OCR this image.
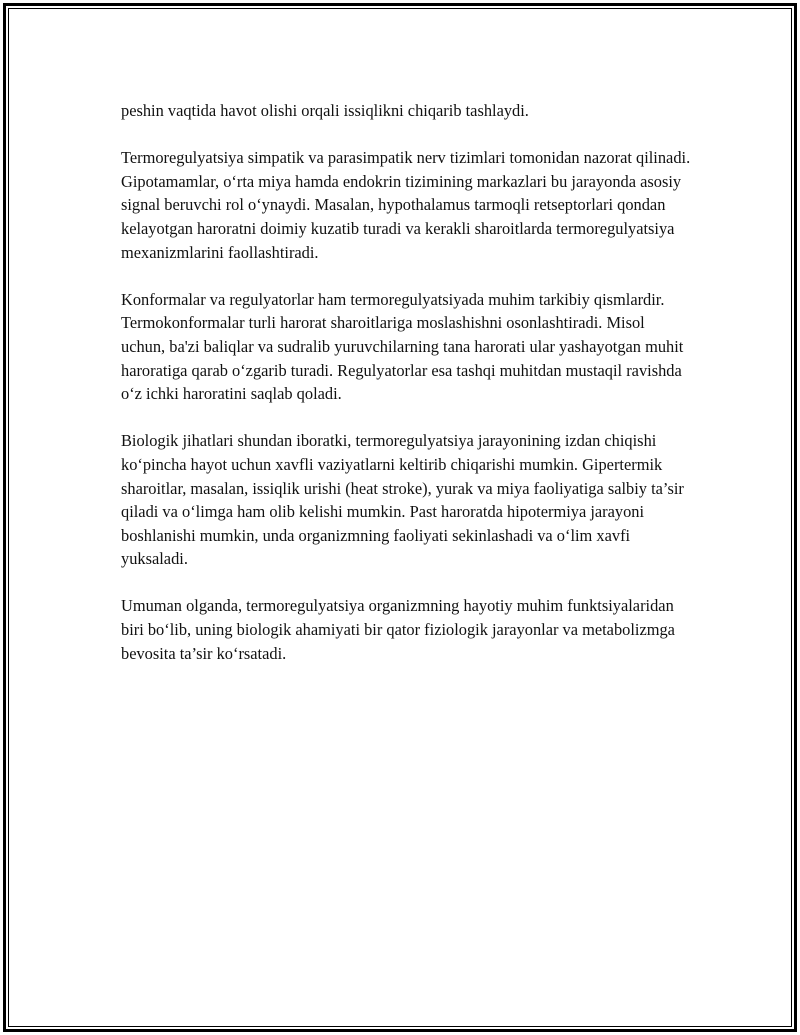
peshin vaqtida havot olishi orqali issiqlikni chiqarib tashlaydi.

Termoregulyatsiya simpatik va parasimpatik nerv tizimlari tomonidan nazorat qilinadi. Gipotamamlar, o‘rta miya hamda endokrin tizimining markazlari bu jarayonda asosiy signal beruvchi rol o‘ynaydi. Masalan, hypothalamus tarmoqli retseptorlari qondan kelayotgan haroratni doimiy kuzatib turadi va kerakli sharoitlarda termoregulyatsiya mexanizmlarini faollashtiradi.

Konformalar va regulyatorlar ham termoregulyatsiyada muhim tarkibiy qismlardir. Termokonformalar turli harorat sharoitlariga moslashishni osonlashtiradi. Misol uchun, ba'zi baliqlar va sudralib yuruvchilarning tana harorati ular yashayotgan muhit haroratiga qarab o‘zgarib turadi. Regulyatorlar esa tashqi muhitdan mustaqil ravishda o‘z ichki haroratini saqlab qoladi.

Biologik jihatlari shundan iboratki, termoregulyatsiya jarayonining izdan chiqishi ko‘pincha hayot uchun xavfli vaziyatlarni keltirib chiqarishi mumkin. Gipertermik sharoitlar, masalan, issiqlik urishi (heat stroke), yurak va miya faoliyatiga salbiy ta’sir qiladi va o‘limga ham olib kelishi mumkin. Past haroratda hipotermiya jarayoni boshlanishi mumkin, unda organizmning faoliyati sekinlashadi va o‘lim xavfi yuksaladi.

Umuman olganda, termoregulyatsiya organizmning hayotiy muhim funktsiyalaridan biri bo‘lib, uning biologik ahamiyati bir qator fiziologik jarayonlar va metabolizmga bevosita ta’sir ko‘rsatadi.
